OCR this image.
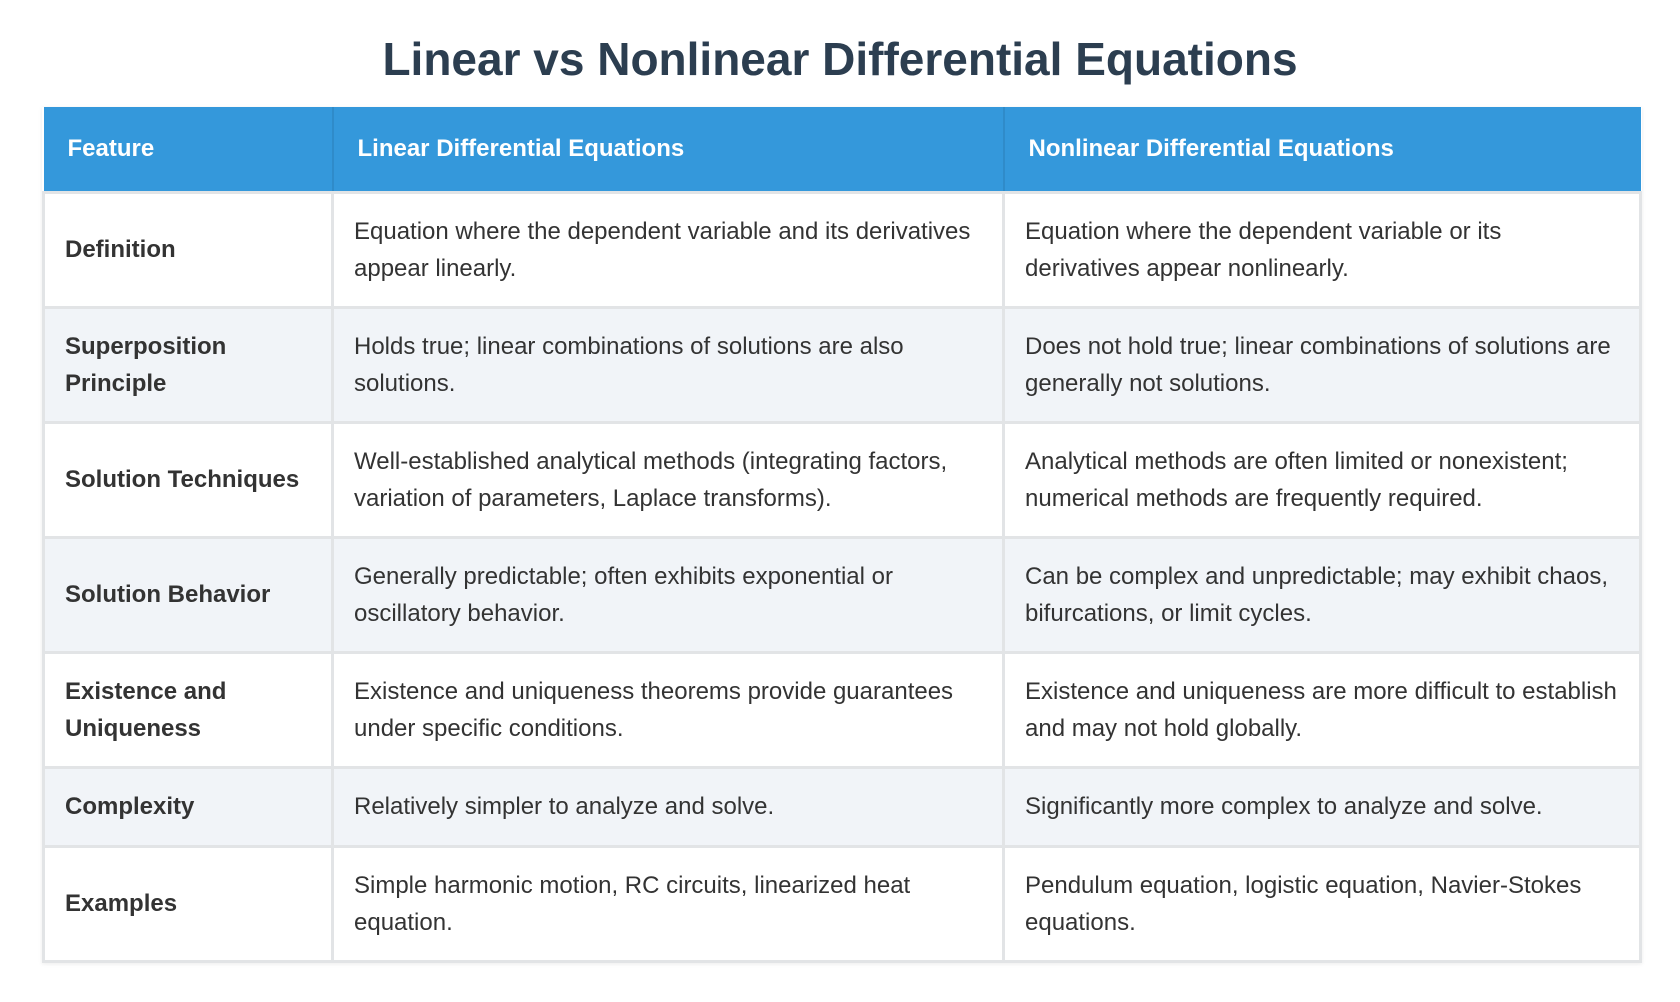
Linear vs Nonlinear Differential Equations
Feature	Linear Differential Equations	Nonlinear Differential Equations
Definition	Equation where the dependent variable and its derivatives appear linearly.	Equation where the dependent variable or its derivatives appear nonlinearly.
Superposition Principle	Holds true; linear combinations of solutions are also solutions.	Does not hold true; linear combinations of solutions are generally not solutions.
Solution Techniques	Well-established analytical methods (integrating factors, variation of parameters, Laplace transforms).	Analytical methods are often limited or nonexistent; numerical methods are frequently required.
Solution Behavior	Generally predictable; often exhibits exponential or oscillatory behavior.	Can be complex and unpredictable; may exhibit chaos, bifurcations, or limit cycles.
Existence and Uniqueness	Existence and uniqueness theorems provide guarantees under specific conditions.	Existence and uniqueness are more difficult to establish and may not hold globally.
Complexity	Relatively simpler to analyze and solve.	Significantly more complex to analyze and solve.
Examples	Simple harmonic motion, RC circuits, linearized heat equation.	Pendulum equation, logistic equation, Navier-Stokes equations.
